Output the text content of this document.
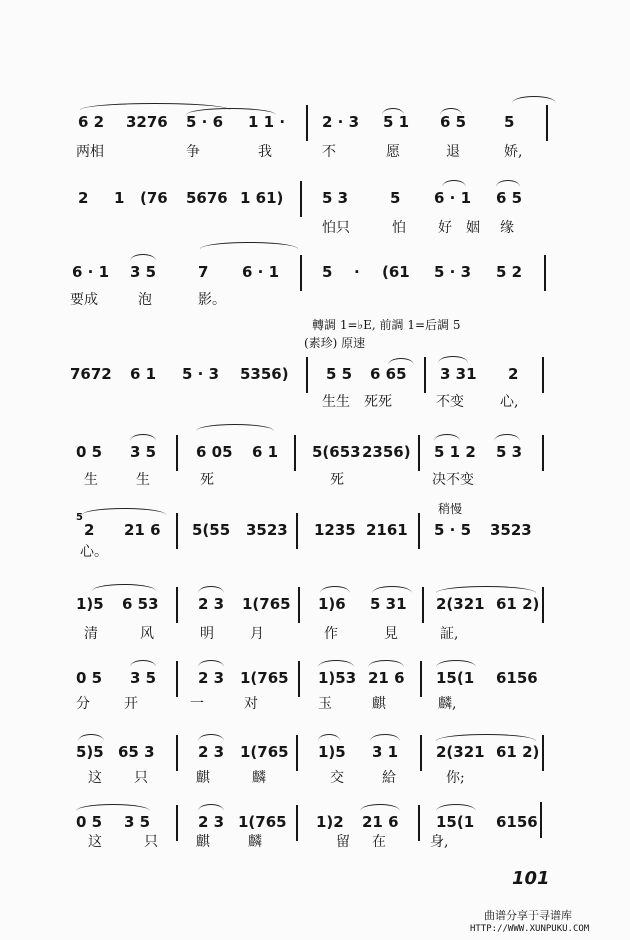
6 2 3276 5 · 6 1 1 · 2 · 3 5 1 6 5	5
两相	争	我	不	愿	退	娇,
2 1 (76 5676 1 61)	5 3	5 6 · 1 6 5
怕只	怕 好 姻 缘
6 · 1 3 5	7 6 · 1	5 · (61 5 · 3 5 2
要成	泡	影。
轉調 1=♭E, 前調 1=后調 5
(素珍) 原速
7672 6 1 5 · 3 5356) 5 5 6 65 3 31 2
生生 死死	不变	心,
0 5 3 5	6 05 6 1 5(653 2356) 5 1 2 5 3
生	生	死	死	决不变
稍慢
5
2 21 6 5(55 3523 1235 2161 5 · 5 3523
心。
1)5 6 53	2 3 1(765 1)6 5 31 2(321 61 2)
清	风	明	月	作	見	証,
0 5 3 5	2 3 1(765 1)53 21 6 15(1 6156
分 开	一	对	玉	麒	麟,
5)5 65 3	2 3 1(765 1)5 3 1	2(321 61 2)
这 只	麒	麟	交	給	你;
0 5 3 5	2 3 1(765 1)2 21 6 15(1 6156
这	只	麒	麟	留 在	身,
101
曲谱分享于寻谱库
HTTP://WWW.XUNPUKU.COM
